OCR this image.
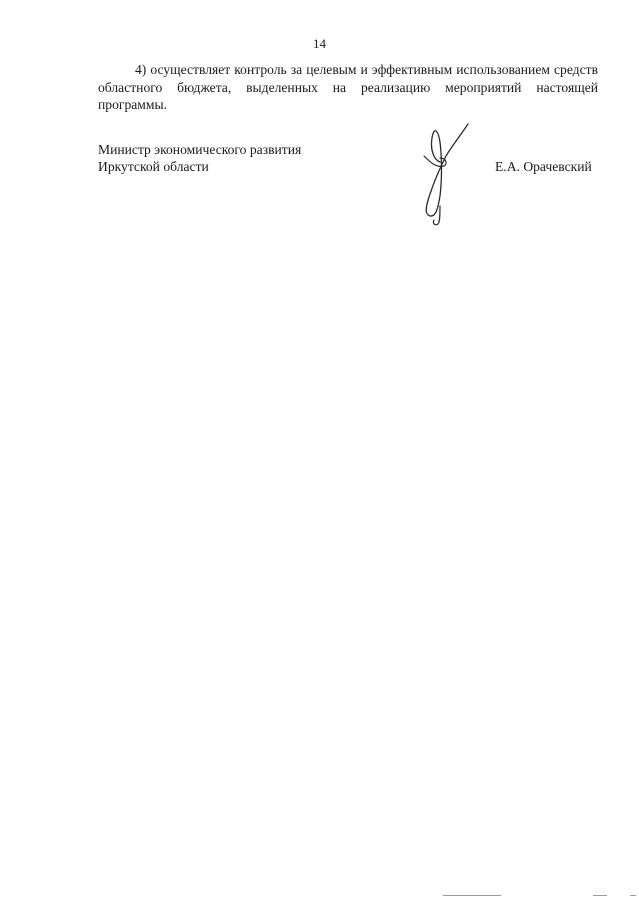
14

4) осуществляет контроль за целевым и эффективным использованием средств областного бюджета, выделенных на реализацию мероприятий настоящей программы.

Министр экономического развития
Иркутской области	Е.А. Орачевский
